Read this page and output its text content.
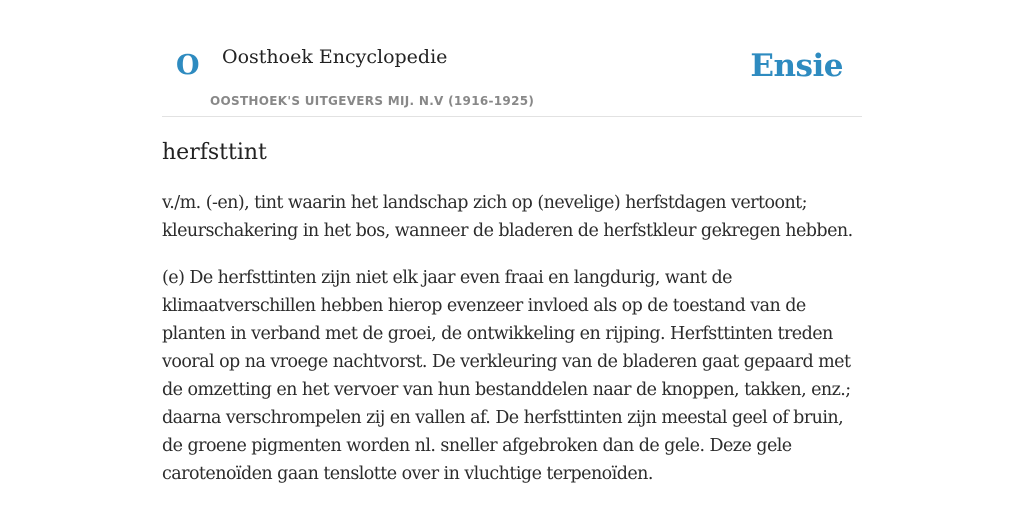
O Oosthoek Encyclopedie
OOSTHOEK'S UITGEVERS MIJ. N.V (1916-1925)
Ensie
herfsttint

v./m. (-en), tint waarin het landschap zich op (nevelige) herfstdagen vertoont;
kleurschakering in het bos, wanneer de bladeren de herfstkleur gekregen hebben.

(e) De herfsttinten zijn niet elk jaar even fraai en langdurig, want de
klimaatverschillen hebben hierop evenzeer invloed als op de toestand van de
planten in verband met de groei, de ontwikkeling en rijping. Herfsttinten treden
vooral op na vroege nachtvorst. De verkleuring van de bladeren gaat gepaard met
de omzetting en het vervoer van hun bestanddelen naar de knoppen, takken, enz.;
daarna verschrompelen zij en vallen af. De herfsttinten zijn meestal geel of bruin,
de groene pigmenten worden nl. sneller afgebroken dan de gele. Deze gele
carotenoïden gaan tenslotte over in vluchtige terpenoïden.
